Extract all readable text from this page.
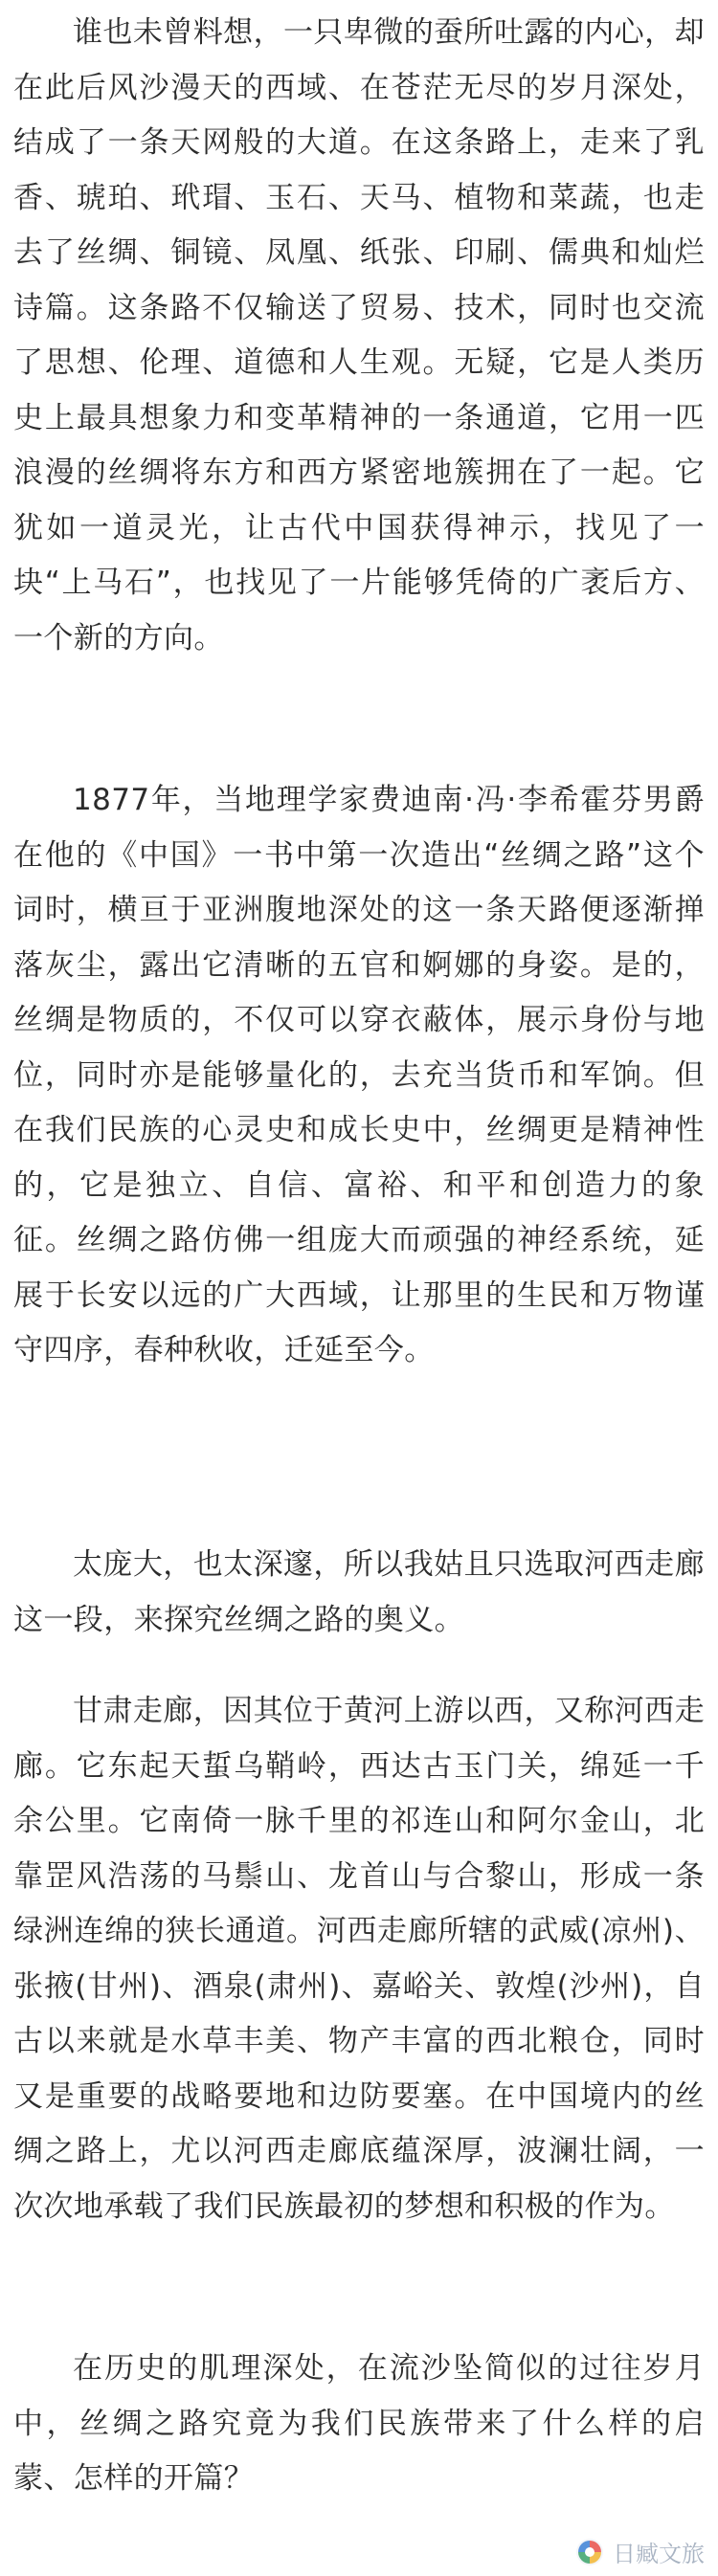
谁也未曾料想，一只卑微的蚕所吐露的内心，却在此后风沙漫天的西域、在苍茫无尽的岁月深处，结成了一条天网般的大道。在这条路上，走来了乳香、琥珀、玳瑁、玉石、天马、植物和菜蔬，也走去了丝绸、铜镜、凤凰、纸张、印刷、儒典和灿烂诗篇。这条路不仅输送了贸易、技术，同时也交流了思想、伦理、道德和人生观。无疑，它是人类历史上最具想象力和变革精神的一条通道，它用一匹浪漫的丝绸将东方和西方紧密地簇拥在了一起。它犹如一道灵光，让古代中国获得神示，找见了一块“上马石”，也找见了一片能够凭倚的广袤后方、一个新的方向。

1877年，当地理学家费迪南·冯·李希霍芬男爵在他的《中国》一书中第一次造出“丝绸之路”这个词时，横亘于亚洲腹地深处的这一条天路便逐渐掸落灰尘，露出它清晰的五官和婀娜的身姿。是的，丝绸是物质的，不仅可以穿衣蔽体，展示身份与地位，同时亦是能够量化的，去充当货币和军饷。但在我们民族的心灵史和成长史中，丝绸更是精神性的，它是独立、自信、富裕、和平和创造力的象征。丝绸之路仿佛一组庞大而顽强的神经系统，延展于长安以远的广大西域，让那里的生民和万物谨守四序，春种秋收，迁延至今。

太庞大，也太深邃，所以我姑且只选取河西走廊这一段，来探究丝绸之路的奥义。

甘肃走廊，因其位于黄河上游以西，又称河西走廊。它东起天蜇乌鞘岭，西达古玉门关，绵延一千余公里。它南倚一脉千里的祁连山和阿尔金山，北靠罡风浩荡的马鬃山、龙首山与合黎山，形成一条绿洲连绵的狭长通道。河西走廊所辖的武威(凉州)、张掖(甘州)、酒泉(肃州)、嘉峪关、敦煌(沙州)，自古以来就是水草丰美、物产丰富的西北粮仓，同时又是重要的战略要地和边防要塞。在中国境内的丝绸之路上，尤以河西走廊底蕴深厚，波澜壮阔，一次次地承载了我们民族最初的梦想和积极的作为。

在历史的肌理深处，在流沙坠简似的过往岁月中，丝绸之路究竟为我们民族带来了什么样的启蒙、怎样的开篇？

日臧文旅
